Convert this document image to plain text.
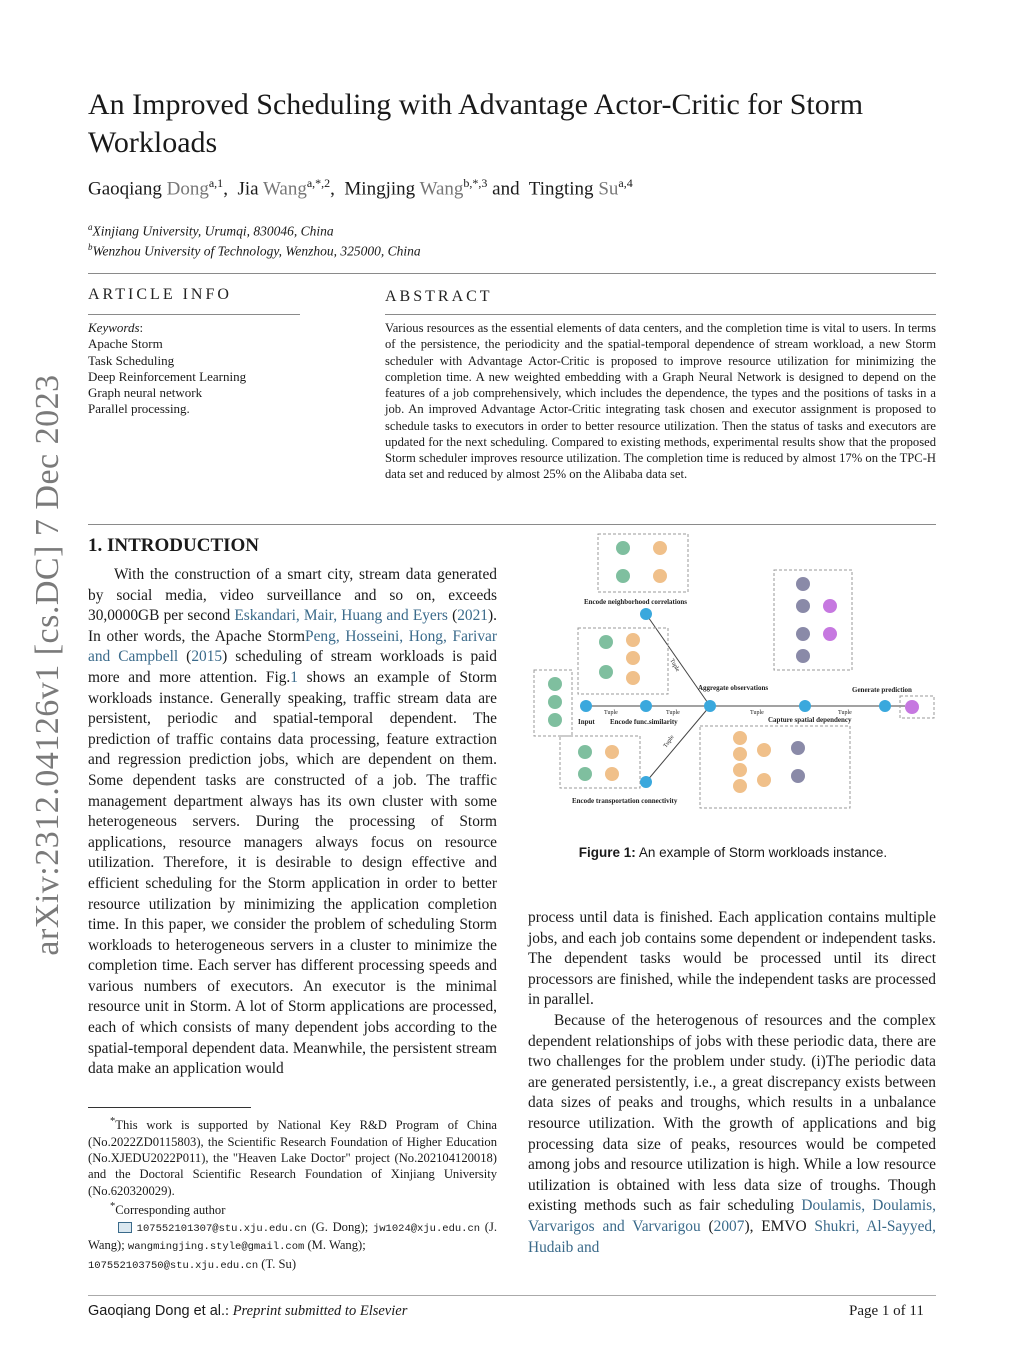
arXiv:2312.04126v1 [cs.DC] 7 Dec 2023
An Improved Scheduling with Advantage Actor-Critic for Storm Workloads
Gaoqiang Dong$^{a,1}$,  Jia Wang$^{a,*,2}$,  Mingjing Wang$^{b,*,3}$ and Tingting Su$^{a,4}$
$^a$Xinjiang University, Urumqi, 830046, China
$^b$Wenzhou University of Technology, Wenzhou, 325000, China
ARTICLE INFO
Keywords:
Apache Storm
Task Scheduling
Deep Reinforcement Learning
Graph neural network
Parallel processing.
ABSTRACT
Various resources as the essential elements of data centers, and the completion time is vital to users. In terms of the persistence, the periodicity and the spatial-temporal dependence of stream workload, a new Storm scheduler with Advantage Actor-Critic is proposed to improve resource utilization for minimizing the completion time. A new weighted embedding with a Graph Neural Network is designed to depend on the features of a job comprehensively, which includes the dependence, the types and the positions of tasks in a job. An improved Advantage Actor-Critic integrating task chosen and executor assignment is proposed to schedule tasks to executors in order to better resource utilization. Then the status of tasks and executors are updated for the next scheduling. Compared to existing methods, experimental results show that the proposed Storm scheduler improves resource utilization. The completion time is reduced by almost 17% on the TPC-H data set and reduced by almost 25% on the Alibaba data set.
1. INTRODUCTION

With the construction of a smart city, stream data generated by social media, video surveillance and so on, exceeds 30,0000GB per second Eskandari, Mair, Huang and Eyers (2021). In other words, the Apache StormPeng, Hosseini, Hong, Farivar and Campbell (2015) scheduling of stream workloads is paid more and more attention. Fig.1 shows an example of Storm workloads instance. Generally speaking, traffic stream data are persistent, periodic and spatial-temporal dependent. The prediction of traffic contains data processing, feature extraction and regression prediction jobs, which are dependent on them. Some dependent tasks are constructed of a job. The traffic management department always has its own cluster with some heterogeneous servers. During the processing of Storm applications, resource managers always focus on resource utilization. Therefore, it is desirable to design effective and efficient scheduling for the Storm application in order to better resource utilization by minimizing the application completion time. In this paper, we consider the problem of scheduling Storm workloads to heterogeneous servers in a cluster to minimize the completion time. Each server has different processing speeds and various numbers of executors. An executor is the minimal resource unit in Storm. A lot of Storm applications are processed, each of which consists of many dependent jobs according to the spatial-temporal dependent data. Meanwhile, the persistent stream data make an application would

*This work is supported by National Key R&D Program of China (No.2022ZD0115803), the Scientific Research Foundation of Higher Education (No.XJEDU2022P011), the "Heaven Lake Doctor" project (No.202104120018) and the Doctoral Scientific Research Foundation of Xinjiang University (No.620320029).
*Corresponding author
107552101307@stu.xju.edu.cn (G. Dong); jw1024@xju.edu.cn (J. Wang); wangmingjing.style@gmail.com (M. Wang);
107552103750@stu.xju.edu.cn (T. Su)
Encode neighborhood correlations
Input Encode func.similarity
Aggregate observations
Capture spatial dependency
Generate prediction
Encode transportation connectivity
Tuple	Tuple	Tuple	Tuple
Tuple
Tuple
Figure 1: An example of Storm workloads instance.

process until data is finished. Each application contains multiple jobs, and each job contains some dependent or independent tasks. The dependent tasks would be processed until its direct processors are finished, while the independent tasks are processed in parallel.

Because of the heterogenous of resources and the complex dependent relationships of jobs with these periodic data, there are two challenges for the problem under study. (i)The periodic data are generated persistently, i.e., a great discrepancy exists between data sizes of peaks and troughs, which results in a unbalance resource utilization. With the growth of applications and big processing data size of peaks, resources would be competed among jobs and resource utilization is high. While a low resource utilization is obtained with less data size of troughs. Though existing methods such as fair scheduling Doulamis, Doulamis, Varvarigos and Varvarigou (2007), EMVO Shukri, Al-Sayyed, Hudaib and

Gaoqiang Dong et al.: Preprint submitted to Elsevier	Page 1 of 11
